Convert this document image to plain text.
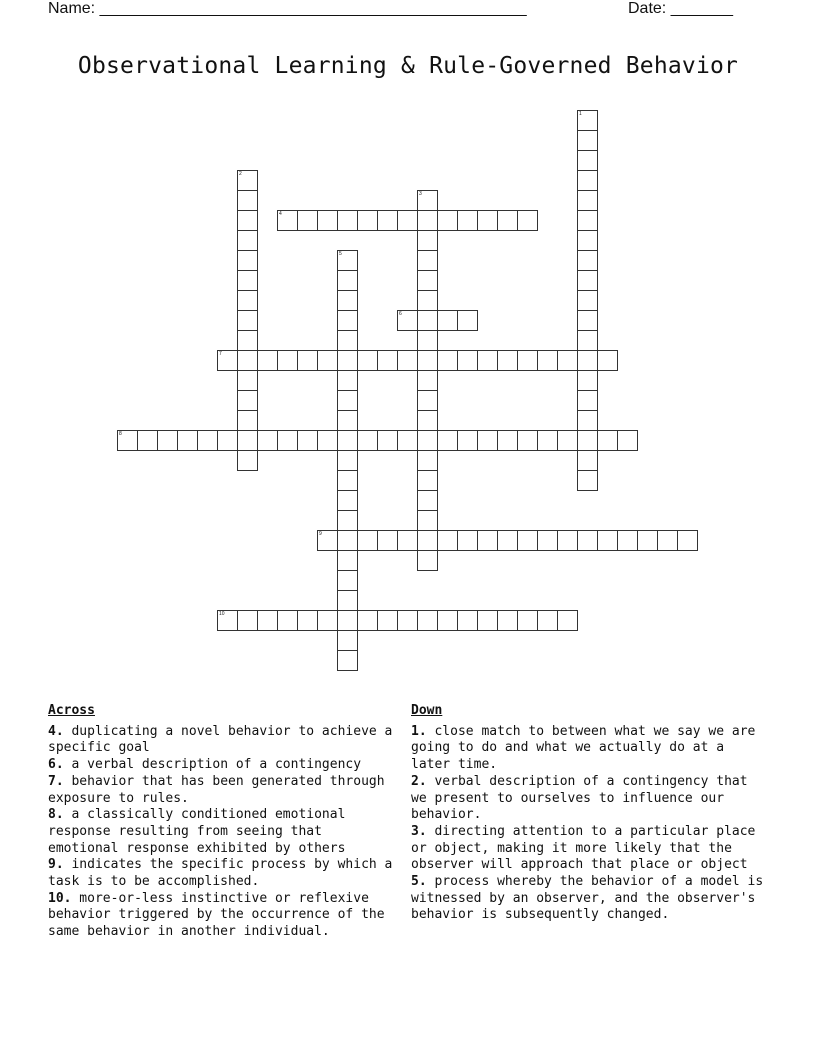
Name: ________________________________________________	Date: _______
Observational Learning & Rule-Governed Behavior
1
2
3
4
5
6
7
8
9
10
Across
4. duplicating a novel behavior to achieve a specific goal
6. a verbal description of a contingency
7. behavior that has been generated through exposure to rules.
8. a classically conditioned emotional response resulting from seeing that emotional response exhibited by others
9. indicates the specific process by which a task is to be accomplished.
10. more-or-less instinctive or reflexive behavior triggered by the occurrence of the same behavior in another individual.
Down
1. close match to between what we say we are going to do and what we actually do at a later time.
2. verbal description of a contingency that we present to ourselves to influence our behavior.
3. directing attention to a particular place or object, making it more likely that the observer will approach that place or object
5. process whereby the behavior of a model is witnessed by an observer, and the observer's behavior is subsequently changed.
